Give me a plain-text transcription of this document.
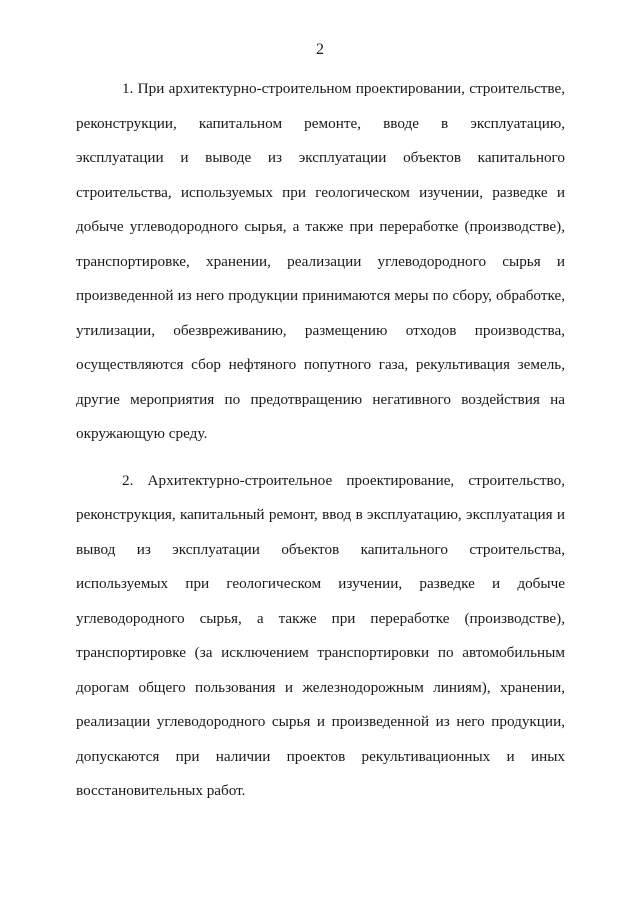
2
1. При архитектурно-строительном проектировании, строительстве,
реконструкции, капитальном ремонте, вводе в эксплуатацию,
эксплуатации и выводе из эксплуатации объектов капитального
строительства, используемых при геологическом изучении, разведке и
добыче углеводородного сырья, а также при переработке (производстве),
транспортировке, хранении, реализации углеводородного сырья и
произведенной из него продукции принимаются меры по сбору, обработке,
утилизации, обезвреживанию, размещению отходов производства,
осуществляются сбор нефтяного попутного газа, рекультивация земель,
другие мероприятия по предотвращению негативного воздействия на
окружающую среду.
2. Архитектурно-строительное проектирование, строительство,
реконструкция, капитальный ремонт, ввод в эксплуатацию, эксплуатация и
вывод из эксплуатации объектов капитального строительства,
используемых при геологическом изучении, разведке и добыче
углеводородного сырья, а также при переработке (производстве),
транспортировке (за исключением транспортировки по автомобильным
дорогам общего пользования и железнодорожным линиям), хранении,
реализации углеводородного сырья и произведенной из него продукции,
допускаются при наличии проектов рекультивационных и иных
восстановительных работ.
